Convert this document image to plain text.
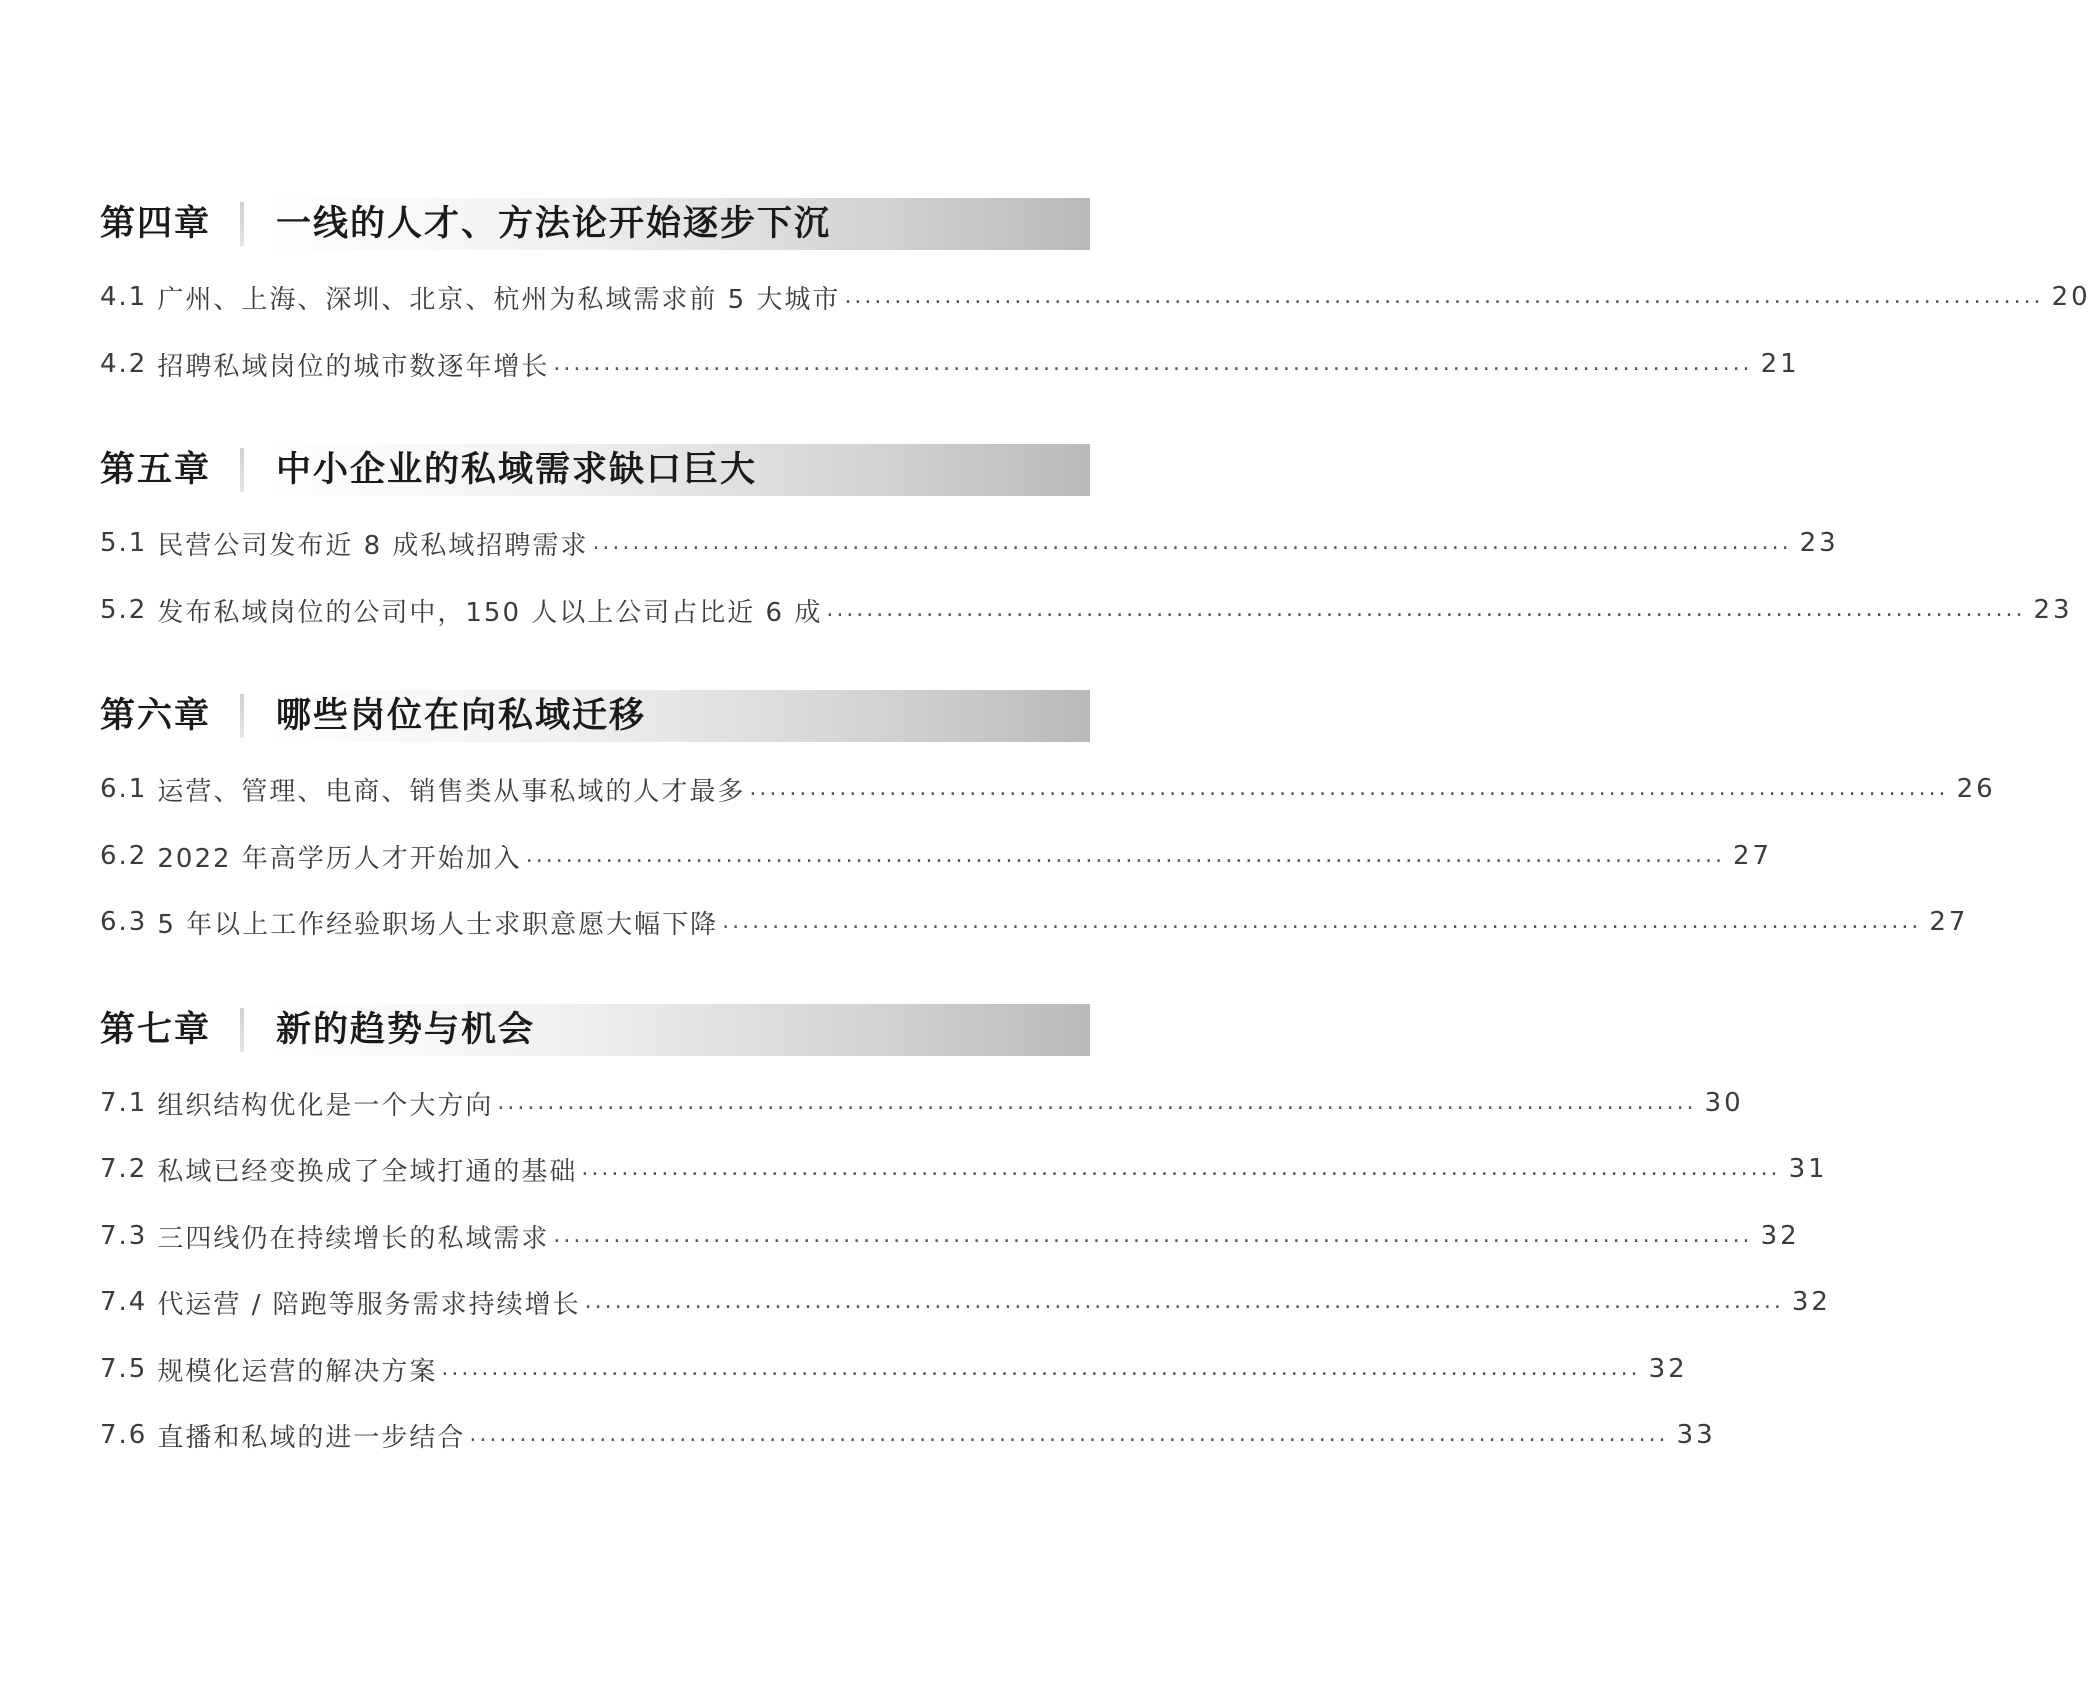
第四章 一线的人才、方法论开始逐步下沉
4.1 广州、上海、深圳、北京、杭州为私域需求前 5 大城市 ........................................................................................................................ 20
4.2 招聘私域岗位的城市数逐年增长 ........................................................................................................................ 21
第五章 中小企业的私域需求缺口巨大
5.1 民营公司发布近 8 成私域招聘需求 ........................................................................................................................ 23
5.2 发布私域岗位的公司中，150 人以上公司占比近 6 成 ........................................................................................................................ 23
第六章 哪些岗位在向私域迁移
6.1 运营、管理、电商、销售类从事私域的人才最多 ........................................................................................................................ 26
6.2 2022 年高学历人才开始加入 ........................................................................................................................ 27
6.3 5 年以上工作经验职场人士求职意愿大幅下降 ........................................................................................................................ 27
第七章 新的趋势与机会
7.1 组织结构优化是一个大方向 ........................................................................................................................ 30
7.2 私域已经变换成了全域打通的基础 ........................................................................................................................ 31
7.3 三四线仍在持续增长的私域需求 ........................................................................................................................ 32
7.4 代运营 / 陪跑等服务需求持续增长 ........................................................................................................................ 32
7.5 规模化运营的解决方案 ........................................................................................................................ 32
7.6 直播和私域的进一步结合 ........................................................................................................................ 33
